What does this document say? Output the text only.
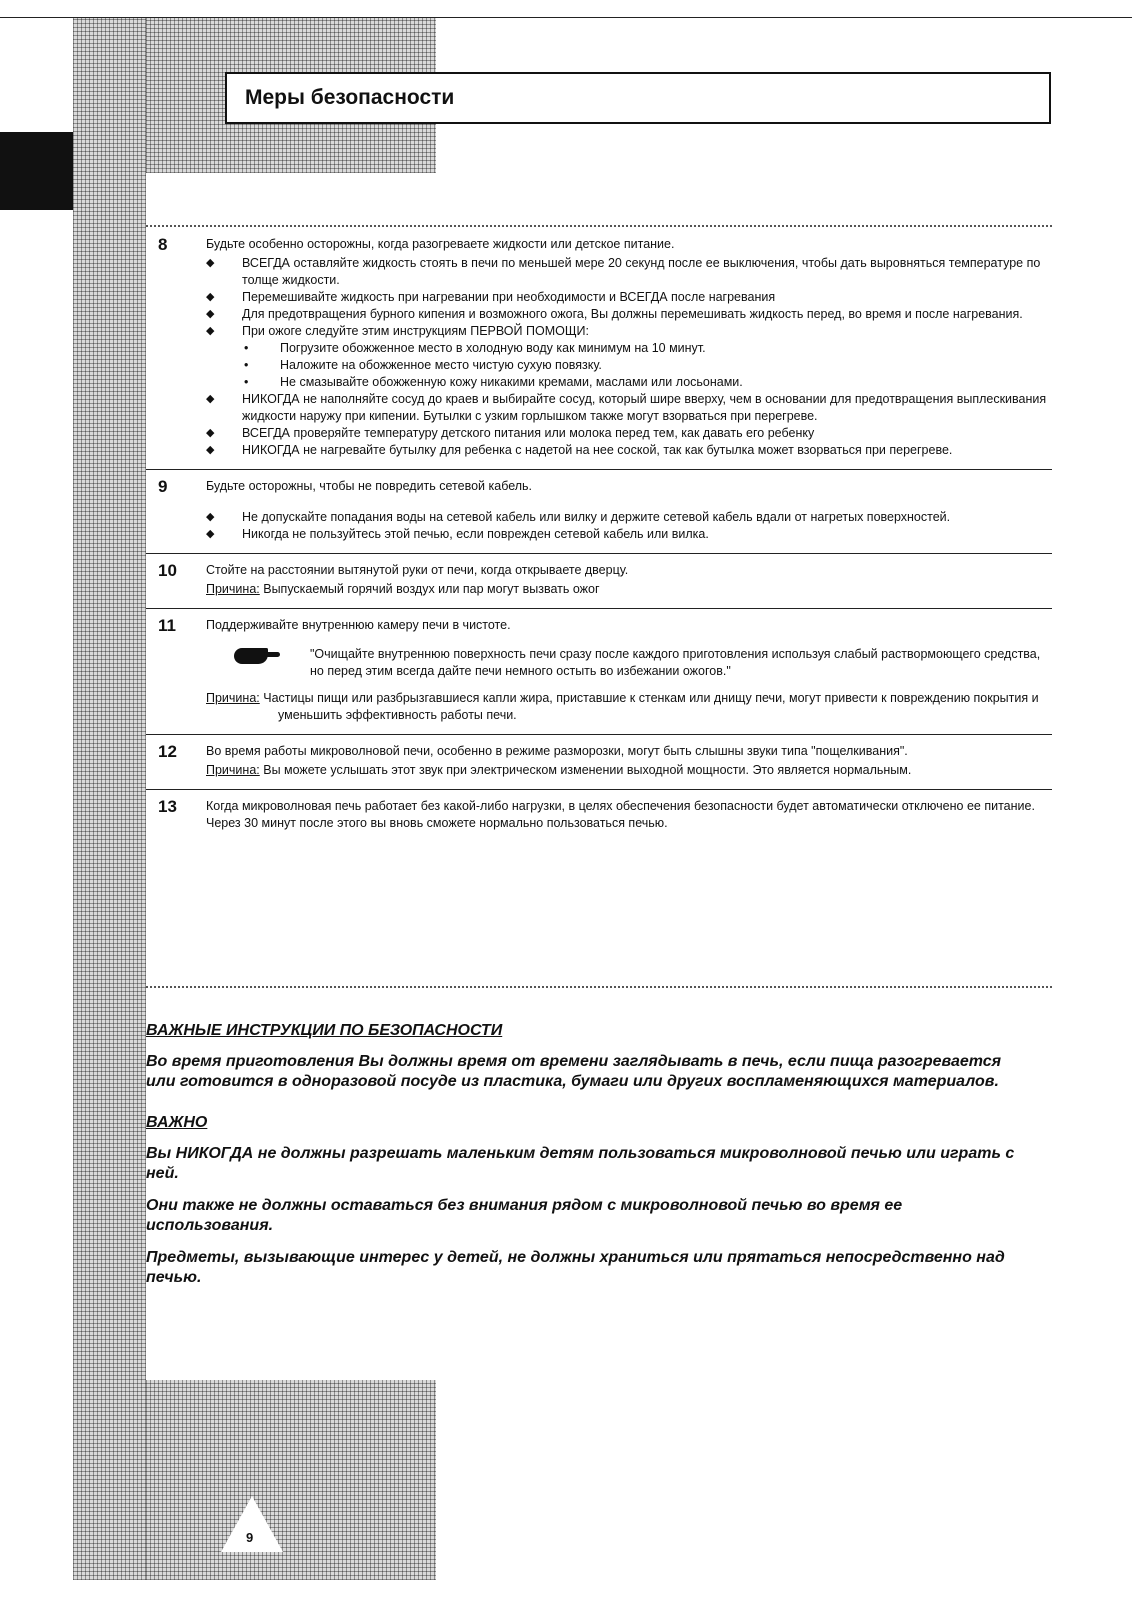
R
Меры безопасности
8	Будьте особенно осторожны, когда разогреваете жидкости или детское питание.

◆ ВСЕГДА оставляйте жидкость стоять в печи по меньшей мере 20 секунд после ее выключения, чтобы дать выровняться температуре по толще жидкости.
◆ Перемешивайте жидкость при нагревании при необходимости и ВСЕГДА после нагревания
◆ Для предотвращения бурного кипения и возможного ожога, Вы должны перемешивать жидкость перед, во время и после нагревания.
◆ При ожоге следуйте этим инструкциям ПЕРВОЙ ПОМОЩИ:
• Погрузите обожженное место в холодную воду как минимум на 10 минут.
• Наложите на обожженное место чистую сухую повязку.
• Не смазывайте обожженную кожу никакими кремами, маслами или лосьонами.
◆ НИКОГДА не наполняйте сосуд до краев и выбирайте сосуд, который шире вверху, чем в основании для предотвращения выплескивания жидкости наружу при кипении. Бутылки с узким горлышком также могут взорваться при перегреве.
◆ ВСЕГДА проверяйте температуру детского питания или молока перед тем, как давать его ребенку
◆ НИКОГДА не нагревайте бутылку для ребенка с надетой на нее соской, так как бутылка может взорваться при перегреве.
9	Будьте осторожны, чтобы не повредить сетевой кабель.

◆ Не допускайте попадания воды на сетевой кабель или вилку и держите сетевой кабель вдали от нагретых поверхностей.
◆ Никогда не пользуйтесь этой печью, если поврежден сетевой кабель или вилка.
10 Стойте на расстоянии вытянутой руки от печи, когда открываете дверцу.

Причина: Выпускаемый горячий воздух или пар могут вызвать ожог
11 Поддерживайте внутреннюю камеру печи в чистоте.

"Очищайте внутреннюю поверхность печи сразу после каждого приготовления используя слабый раствормоющего средства, но перед этим всегда дайте печи немного остыть во избежании ожогов."
Причина: Частицы пищи или разбрызгавшиеся капли жира, приставшие к стенкам или днищу печи, могут привести к повреждению покрытия и уменьшить эффективность работы печи.
12 Во время работы микроволновой печи, особенно в режиме разморозки, могут быть слышны звуки типа "пощелкивания".

Причина: Вы можете услышать этот звук при электрическом изменении выходной мощности. Это является нормальным.
13 Когда микроволновая печь работает без какой-либо нагрузки, в целях обеспечения безопасности будет автоматически отключено ее питание. Через 30 минут после этого вы вновь сможете нормально пользоваться печью.

ВАЖНЫЕ ИНСТРУКЦИИ ПО БЕЗОПАСНОСТИ

Во время приготовления Вы должны время от времени заглядывать в печь, если пища разогревается или готовится в одноразовой посуде из пластика, бумаги или других воспламеняющихся материалов.

ВАЖНО

Вы НИКОГДА не должны разрешать маленьким детям пользоваться микроволновой печью или играть с ней.

Они также не должны оставаться без внимания рядом с микроволновой печью во время ее использования.

Предметы, вызывающие интерес у детей, не должны храниться или прятаться непосредственно над печью.

9
